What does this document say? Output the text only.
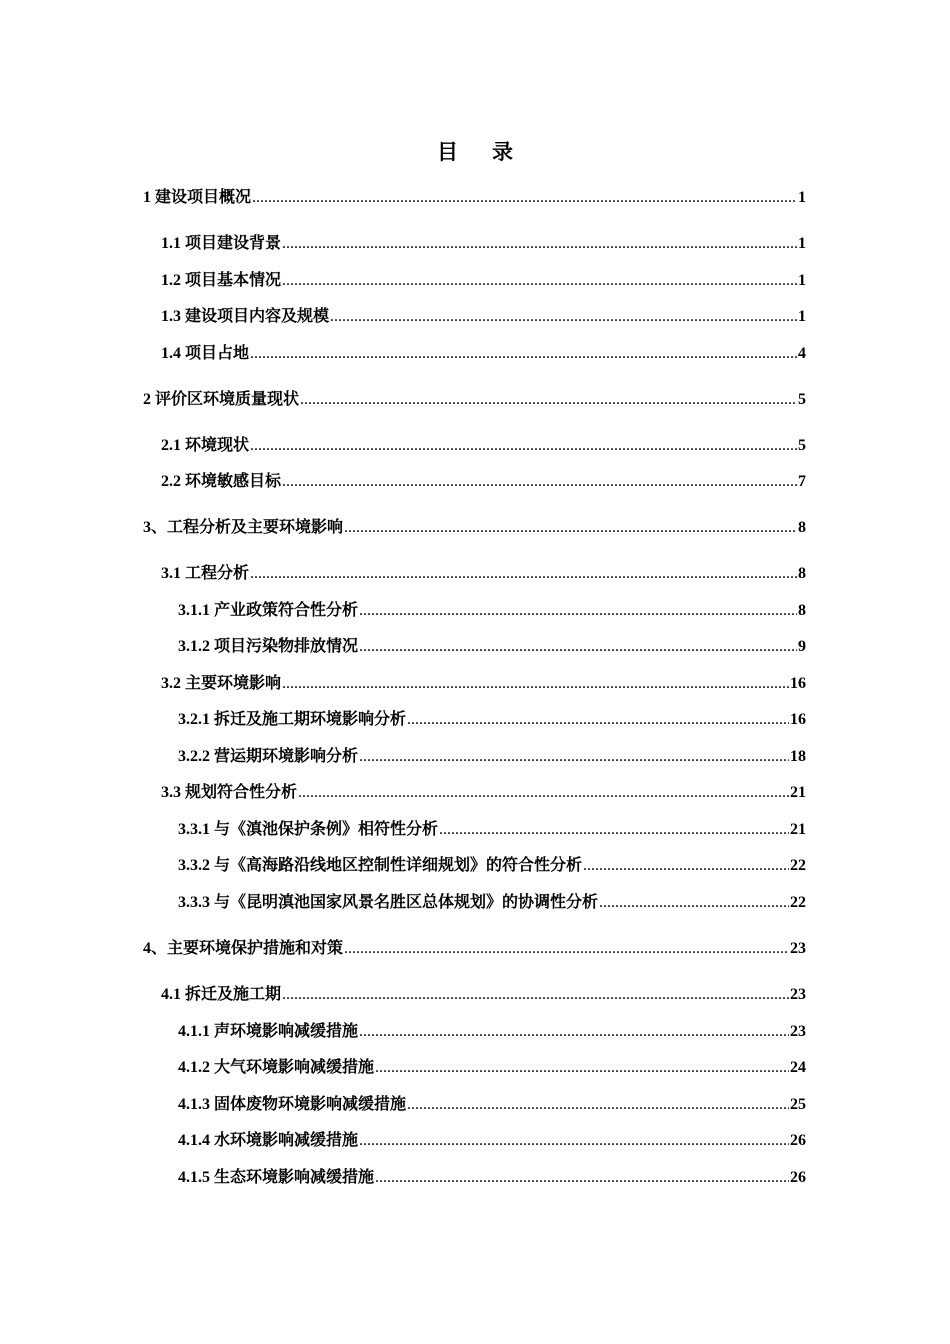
目录
1 建设项目概况 .....	1
1.1 项目建设背景 .....	1
1.2 项目基本情况 .....	1
1.3 建设项目内容及规模 .....	1
1.4 项目占地 .....	4
2 评价区环境质量现状 .....	5
2.1 环境现状 .....	5
2.2 环境敏感目标 .....	7
3、工程分析及主要环境影响 .....	8
3.1 工程分析 .....	8
3.1.1 产业政策符合性分析 .....	8
3.1.2 项目污染物排放情况 .....	9
3.2 主要环境影响 .....	16
3.2.1 拆迁及施工期环境影响分析 .....	16
3.2.2 营运期环境影响分析 .....	18
3.3 规划符合性分析 .....	21
3.3.1 与《滇池保护条例》相符性分析 .....	21
3.3.2 与《高海路沿线地区控制性详细规划》的符合性分析 .....	22
3.3.3 与《昆明滇池国家风景名胜区总体规划》的协调性分析 .....	22
4、主要环境保护措施和对策 .....	23
4.1 拆迁及施工期 .....	23
4.1.1 声环境影响减缓措施 .....	23
4.1.2 大气环境影响减缓措施 .....	24
4.1.3 固体废物环境影响减缓措施 .....	25
4.1.4 水环境影响减缓措施 .....	26
4.1.5 生态环境影响减缓措施 .....	26
